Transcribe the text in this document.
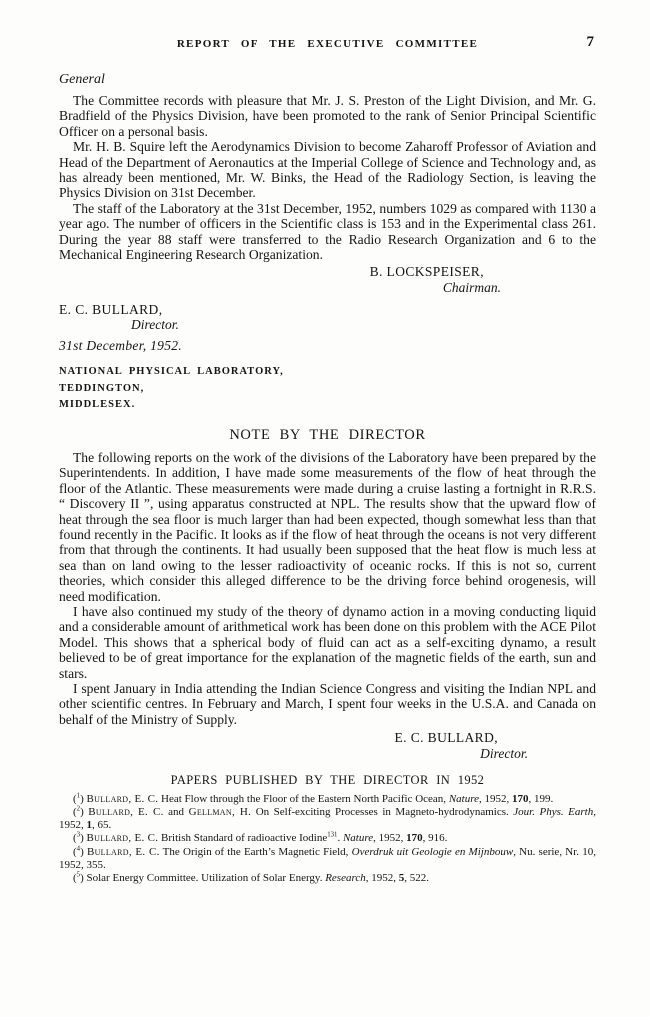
REPORT OF THE EXECUTIVE COMMITTEE	7
General

The Committee records with pleasure that Mr. J. S. Preston of the Light Division, and Mr. G. Bradfield of the Physics Division, have been promoted to the rank of Senior Principal Scientific Officer on a personal basis.

Mr. H. B. Squire left the Aerodynamics Division to become Zaharoff Professor of Aviation and Head of the Department of Aeronautics at the Imperial College of Science and Technology and, as has already been mentioned, Mr. W. Binks, the Head of the Radiology Section, is leaving the Physics Division on 31st December.

The staff of the Laboratory at the 31st December, 1952, numbers 1029 as compared with 1130 a year ago. The number of officers in the Scientific class is 153 and in the Experimental class 261. During the year 88 staff were transferred to the Radio Research Organization and 6 to the Mechanical Engineering Research Organization.

B. LOCKSPEISER,
Chairman.
E. C. BULLARD,
Director.
31st December, 1952.
NATIONAL PHYSICAL LABORATORY,
TEDDINGTON,
MIDDLESEX.
NOTE BY THE DIRECTOR

The following reports on the work of the divisions of the Laboratory have been prepared by the Superintendents. In addition, I have made some measurements of the flow of heat through the floor of the Atlantic. These measurements were made during a cruise lasting a fortnight in R.R.S. “ Discovery II ”, using apparatus constructed at NPL. The results show that the upward flow of heat through the sea floor is much larger than had been expected, though somewhat less than that found recently in the Pacific. It looks as if the flow of heat through the oceans is not very different from that through the continents. It had usually been supposed that the heat flow is much less at sea than on land owing to the lesser radioactivity of oceanic rocks. If this is not so, current theories, which consider this alleged difference to be the driving force behind orogenesis, will need modification.

I have also continued my study of the theory of dynamo action in a moving conducting liquid and a considerable amount of arithmetical work has been done on this problem with the ACE Pilot Model. This shows that a spherical body of fluid can act as a self-exciting dynamo, a result believed to be of great importance for the explanation of the magnetic fields of the earth, sun and stars.

I spent January in India attending the Indian Science Congress and visiting the Indian NPL and other scientific centres. In February and March, I spent four weeks in the U.S.A. and Canada on behalf of the Ministry of Supply.

E. C. BULLARD,
Director.
PAPERS PUBLISHED BY THE DIRECTOR IN 1952

($^1$) Bullard, E. C. Heat Flow through the Floor of the Eastern North Pacific Ocean, Nature, 1952, 170, 199.

($^2$) Bullard, E. C. and Gellman, H. On Self-exciting Processes in Magneto-hydrodynamics. Jour. Phys. Earth, 1952, 1, 65.

($^3$) Bullard, E. C. British Standard of radioactive Iodine$^{131}$. Nature, 1952, 170, 916.

($^4$) Bullard, E. C. The Origin of the Earth’s Magnetic Field, Overdruk uit Geologie en Mijnbouw, Nu. serie, Nr. 10, 1952, 355.

($^5$) Solar Energy Committee. Utilization of Solar Energy. Research, 1952, 5, 522.
